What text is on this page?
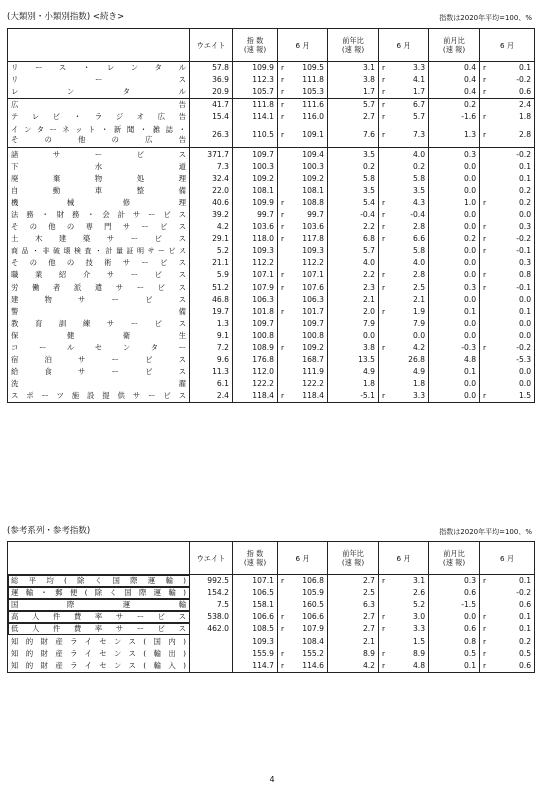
(大類別・小類別指数) <続き>	指数は2020年平均=100、%
	ウエイト	指 数
(速 報)	6 月		前年比
(速 報)	6 月		前月比
(速 報)	6 月	
リース・レンタル	57.8	109.9	r	109.5	3.1	r	3.3	0.4	r	0.1
リース	36.9	112.3	r	111.8	3.8	r	4.1	0.4	r	-0.2
レンタル	20.9	105.7	r	105.3	1.7	r	1.7	0.4	r	0.6
広告	41.7	111.8	r	111.6	5.7	r	6.7	0.2		2.4
テレビ・ラジオ広告	15.4	114.1	r	116.0	2.7	r	5.7	-1.6	r	1.8

インターネット・新聞・雑誌・
その他の広告	26.3	110.5	r	109.1	7.6	r	7.3	1.3	r	2.8
諸サービス	371.7	109.7		109.4	3.5		4.0	0.3		-0.2
下水道	7.3	100.3		100.3	0.2		0.2	0.0		0.1
廃棄物処理	32.4	109.2		109.2	5.8		5.8	0.0		0.1
自動車整備	22.0	108.1		108.1	3.5		3.5	0.0		0.2
機械修理	40.6	109.9	r	108.8	5.4	r	4.3	1.0	r	0.2
法務・財務・会計サービス	39.2	99.7	r	99.7	-0.4	r	-0.4	0.0		0.0
その他の専門サービス	4.2	103.6	r	103.6	2.2	r	2.8	0.0	r	0.3
土木建築サービス	29.1	118.0	r	117.8	6.8	r	6.6	0.2	r	-0.2
商品・非破壊検査・計量証明サービス	5.2	109.3		109.3	5.7		5.8	0.0	r	-0.1
その他の技術サービス	21.1	112.2		112.2	4.0		4.0	0.0		0.3
職業紹介サービス	5.9	107.1	r	107.1	2.2	r	2.8	0.0	r	0.8
労働者派遣サービス	51.2	107.9	r	107.6	2.3	r	2.5	0.3	r	-0.1
建物サービス	46.8	106.3		106.3	2.1		2.1	0.0		0.0
警備	19.7	101.8	r	101.7	2.0	r	1.9	0.1		0.1
教育訓練サービス	1.3	109.7		109.7	7.9		7.9	0.0		0.0
保健衛生	9.1	100.8		100.8	0.0		0.0	0.0		0.0
コールセンター	7.2	108.9	r	109.2	3.8	r	4.2	-0.3	r	-0.2
宿泊サービス	9.6	176.8		168.7	13.5		26.8	4.8		-5.3
給食サービス	11.3	112.0		111.9	4.9		4.9	0.1		0.0
洗濯	6.1	122.2		122.2	1.8		1.8	0.0		0.0
スポーツ施設提供サービス	2.4	118.4	r	118.4	-5.1	r	3.3	0.0	r	1.5
(参考系列・参考指数)	指数は2020年平均=100、%
	ウエイト	指 数
(速 報)	6 月		前年比
(速 報)	6 月		前月比
(速 報)	6 月	
総平均(除く国際運輸)	992.5	107.1	r	106.8	2.7	r	3.1	0.3	r	0.1
運輸・郵便(除く国際運輸)	154.2	106.5		105.9	2.5		2.6	0.6		-0.2
国際運輸	7.5	158.1		160.5	6.3		5.2	-1.5		0.6
高人件費率サービス	538.0	106.6	r	106.6	2.7	r	3.0	0.0	r	0.1
低人件費率サービス	462.0	108.5	r	107.9	2.7	r	3.3	0.6	r	0.1
知的財産ライセンス(国内)		109.3		108.4	2.1		1.5	0.8	r	0.2
知的財産ライセンス(輸出)		155.9	r	155.2	8.9	r	8.9	0.5	r	0.5
知的財産ライセンス(輸入)		114.7	r	114.6	4.2	r	4.8	0.1	r	0.6
4
